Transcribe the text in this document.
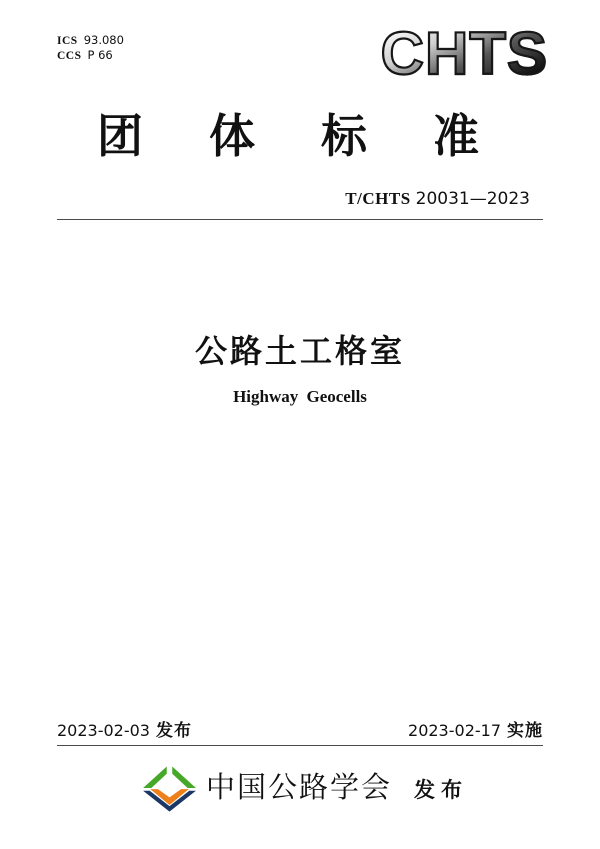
ICS 93.080
CCS P 66	CHTS
团 体 标 准
T/CHTS 20031—2023
公路土工格室
Highway Geocells
2023-02-03 发布	2023-02-17 实施
中国公路学会 发布
